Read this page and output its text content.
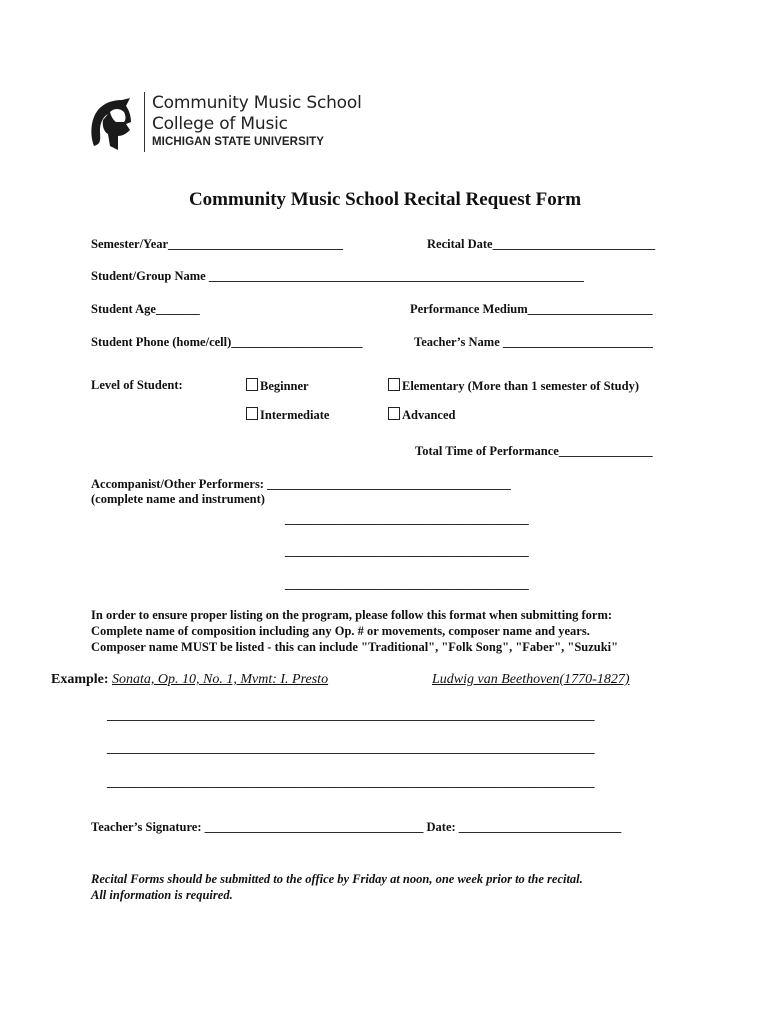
Community Music School
College of Music
MICHIGAN STATE UNIVERSITY
Community Music School Recital Request Form
Semester/Year____________________________	Recital Date__________________________
Student/Group Name ____________________________________________________________
Student Age_______	Performance Medium____________________
Student Phone (home/cell)_____________________	Teacher’s Name ________________________
Level of Student:	Beginner	Elementary (More than 1 semester of Study)
Intermediate	Advanced
Total Time of Performance_______________
Accompanist/Other Performers: _______________________________________
(complete name and instrument)
_______________________________________
_______________________________________
_______________________________________
In order to ensure proper listing on the program, please follow this format when submitting form:
Complete name of composition including any Op. # or movements, composer name and years.
Composer name MUST be listed - this can include "Traditional", "Folk Song", "Faber", "Suzuki"
Example: Sonata, Op. 10, No. 1, Mvmt: I. Presto	Ludwig van Beethoven(1770-1827)
______________________________________________________________________________
______________________________________________________________________________
______________________________________________________________________________
Teacher’s Signature: ___________________________________ Date: __________________________
Recital Forms should be submitted to the office by Friday at noon, one week prior to the recital.
All information is required.
